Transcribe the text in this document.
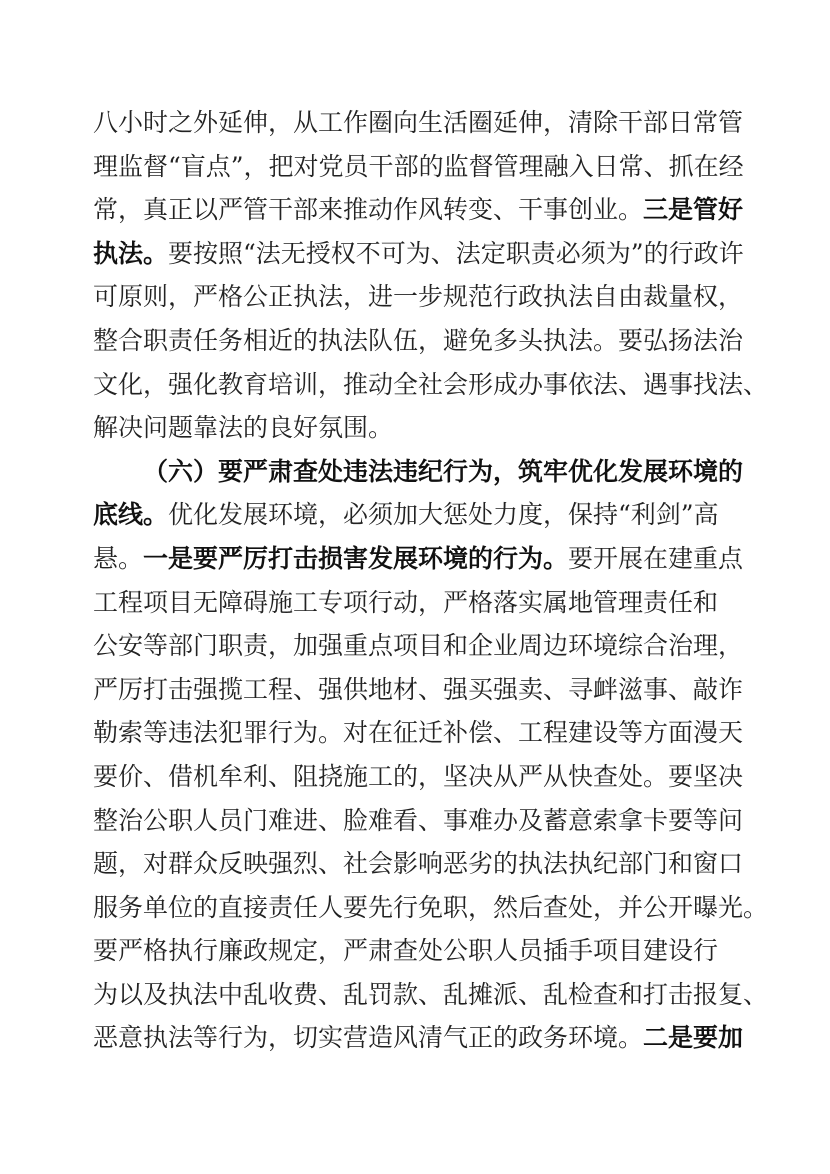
八小时之外延伸，从工作圈向生活圈延伸，清除干部日常管
理监督“盲点”，把对党员干部的监督管理融入日常、抓在经
常，真正以严管干部来推动作风转变、干事创业。三是管好
执法。要按照“法无授权不可为、法定职责必须为”的行政许
可原则，严格公正执法，进一步规范行政执法自由裁量权，
整合职责任务相近的执法队伍，避免多头执法。要弘扬法治
文化，强化教育培训，推动全社会形成办事依法、遇事找法、
解决问题靠法的良好氛围。
（六）要严肃查处违法违纪行为，筑牢优化发展环境的
底线。优化发展环境，必须加大惩处力度，保持“利剑”高
悬。一是要严厉打击损害发展环境的行为。要开展在建重点
工程项目无障碍施工专项行动，严格落实属地管理责任和
公安等部门职责，加强重点项目和企业周边环境综合治理，
严厉打击强揽工程、强供地材、强买强卖、寻衅滋事、敲诈
勒索等违法犯罪行为。对在征迁补偿、工程建设等方面漫天
要价、借机牟利、阻挠施工的，坚决从严从快查处。要坚决
整治公职人员门难进、脸难看、事难办及蓄意索拿卡要等问
题，对群众反映强烈、社会影响恶劣的执法执纪部门和窗口
服务单位的直接责任人要先行免职，然后查处，并公开曝光。
要严格执行廉政规定，严肃查处公职人员插手项目建设行
为以及执法中乱收费、乱罚款、乱摊派、乱检查和打击报复、
恶意执法等行为，切实营造风清气正的政务环境。二是要加
